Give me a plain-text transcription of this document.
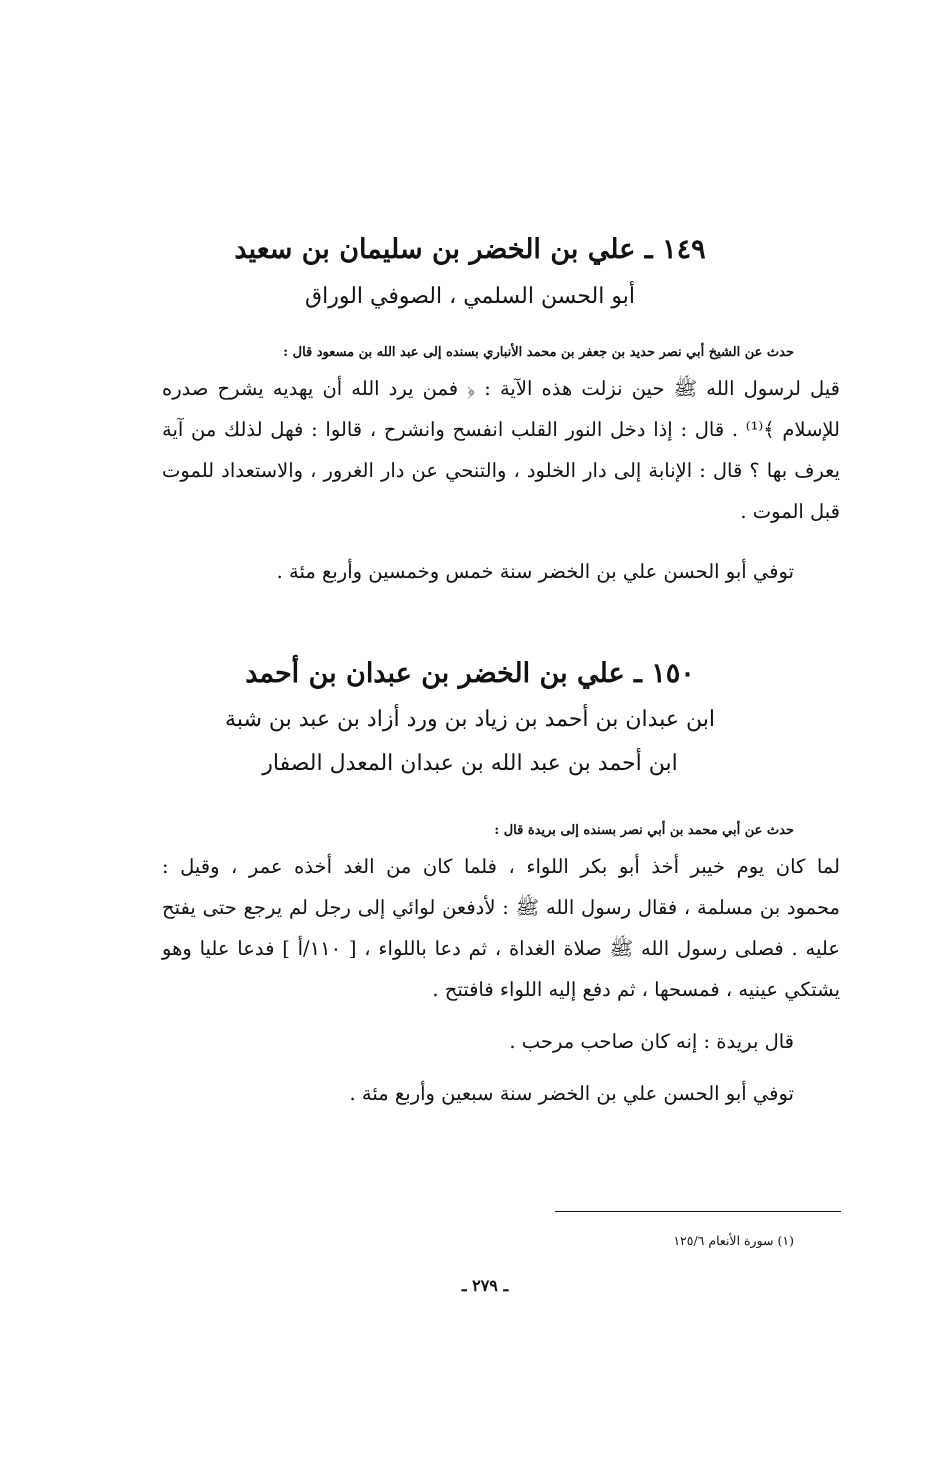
١٤٩ ـ علي بن الخضر بن سليمان بن سعيد
أبو الحسن السلمي ، الصوفي الوراق
حدث عن الشيخ أبي نصر حديد بن جعفر بن محمد الأنباري بسنده إلى عبد الله بن مسعود قال :
قيل لرسول الله ﷺ حين نزلت هذه الآية : ﴿ فمن يرد الله أن يهديه يشرح صدره
للإسلام ﴾⁽¹⁾ . قال : إذا دخل النور القلب انفسح وانشرح ، قالوا : فهل لذلك من آية
يعرف بها ؟ قال : الإنابة إلى دار الخلود ، والتنحي عن دار الغرور ، والاستعداد للموت
قبل الموت .
توفي أبو الحسن علي بن الخضر سنة خمس وخمسين وأربع مئة .
١٥٠ ـ علي بن الخضر بن عبدان بن أحمد
ابن عبدان بن أحمد بن زياد بن ورد أزاد بن عبد بن شبة
ابن أحمد بن عبد الله بن عبدان المعدل الصفار
حدث عن أبي محمد بن أبي نصر بسنده إلى بريدة قال :
لما كان يوم خيبر أخذ أبو بكر اللواء ، فلما كان من الغد أخذه عمر ، وقيل :
محمود بن مسلمة ، فقال رسول الله ﷺ : لأدفعن لوائي إلى رجل لم يرجع حتى يفتح
عليه . فصلى رسول الله ﷺ صلاة الغداة ، ثم دعا باللواء ، [ ١١٠/أ ] فدعا عليا وهو
يشتكي عينيه ، فمسحها ، ثم دفع إليه اللواء فافتتح .
قال بريدة : إنه كان صاحب مرحب .
توفي أبو الحسن علي بن الخضر سنة سبعين وأربع مئة .
(١) سورة الأنعام ١٢٥/٦
ـ ٢٧٩ ـ
